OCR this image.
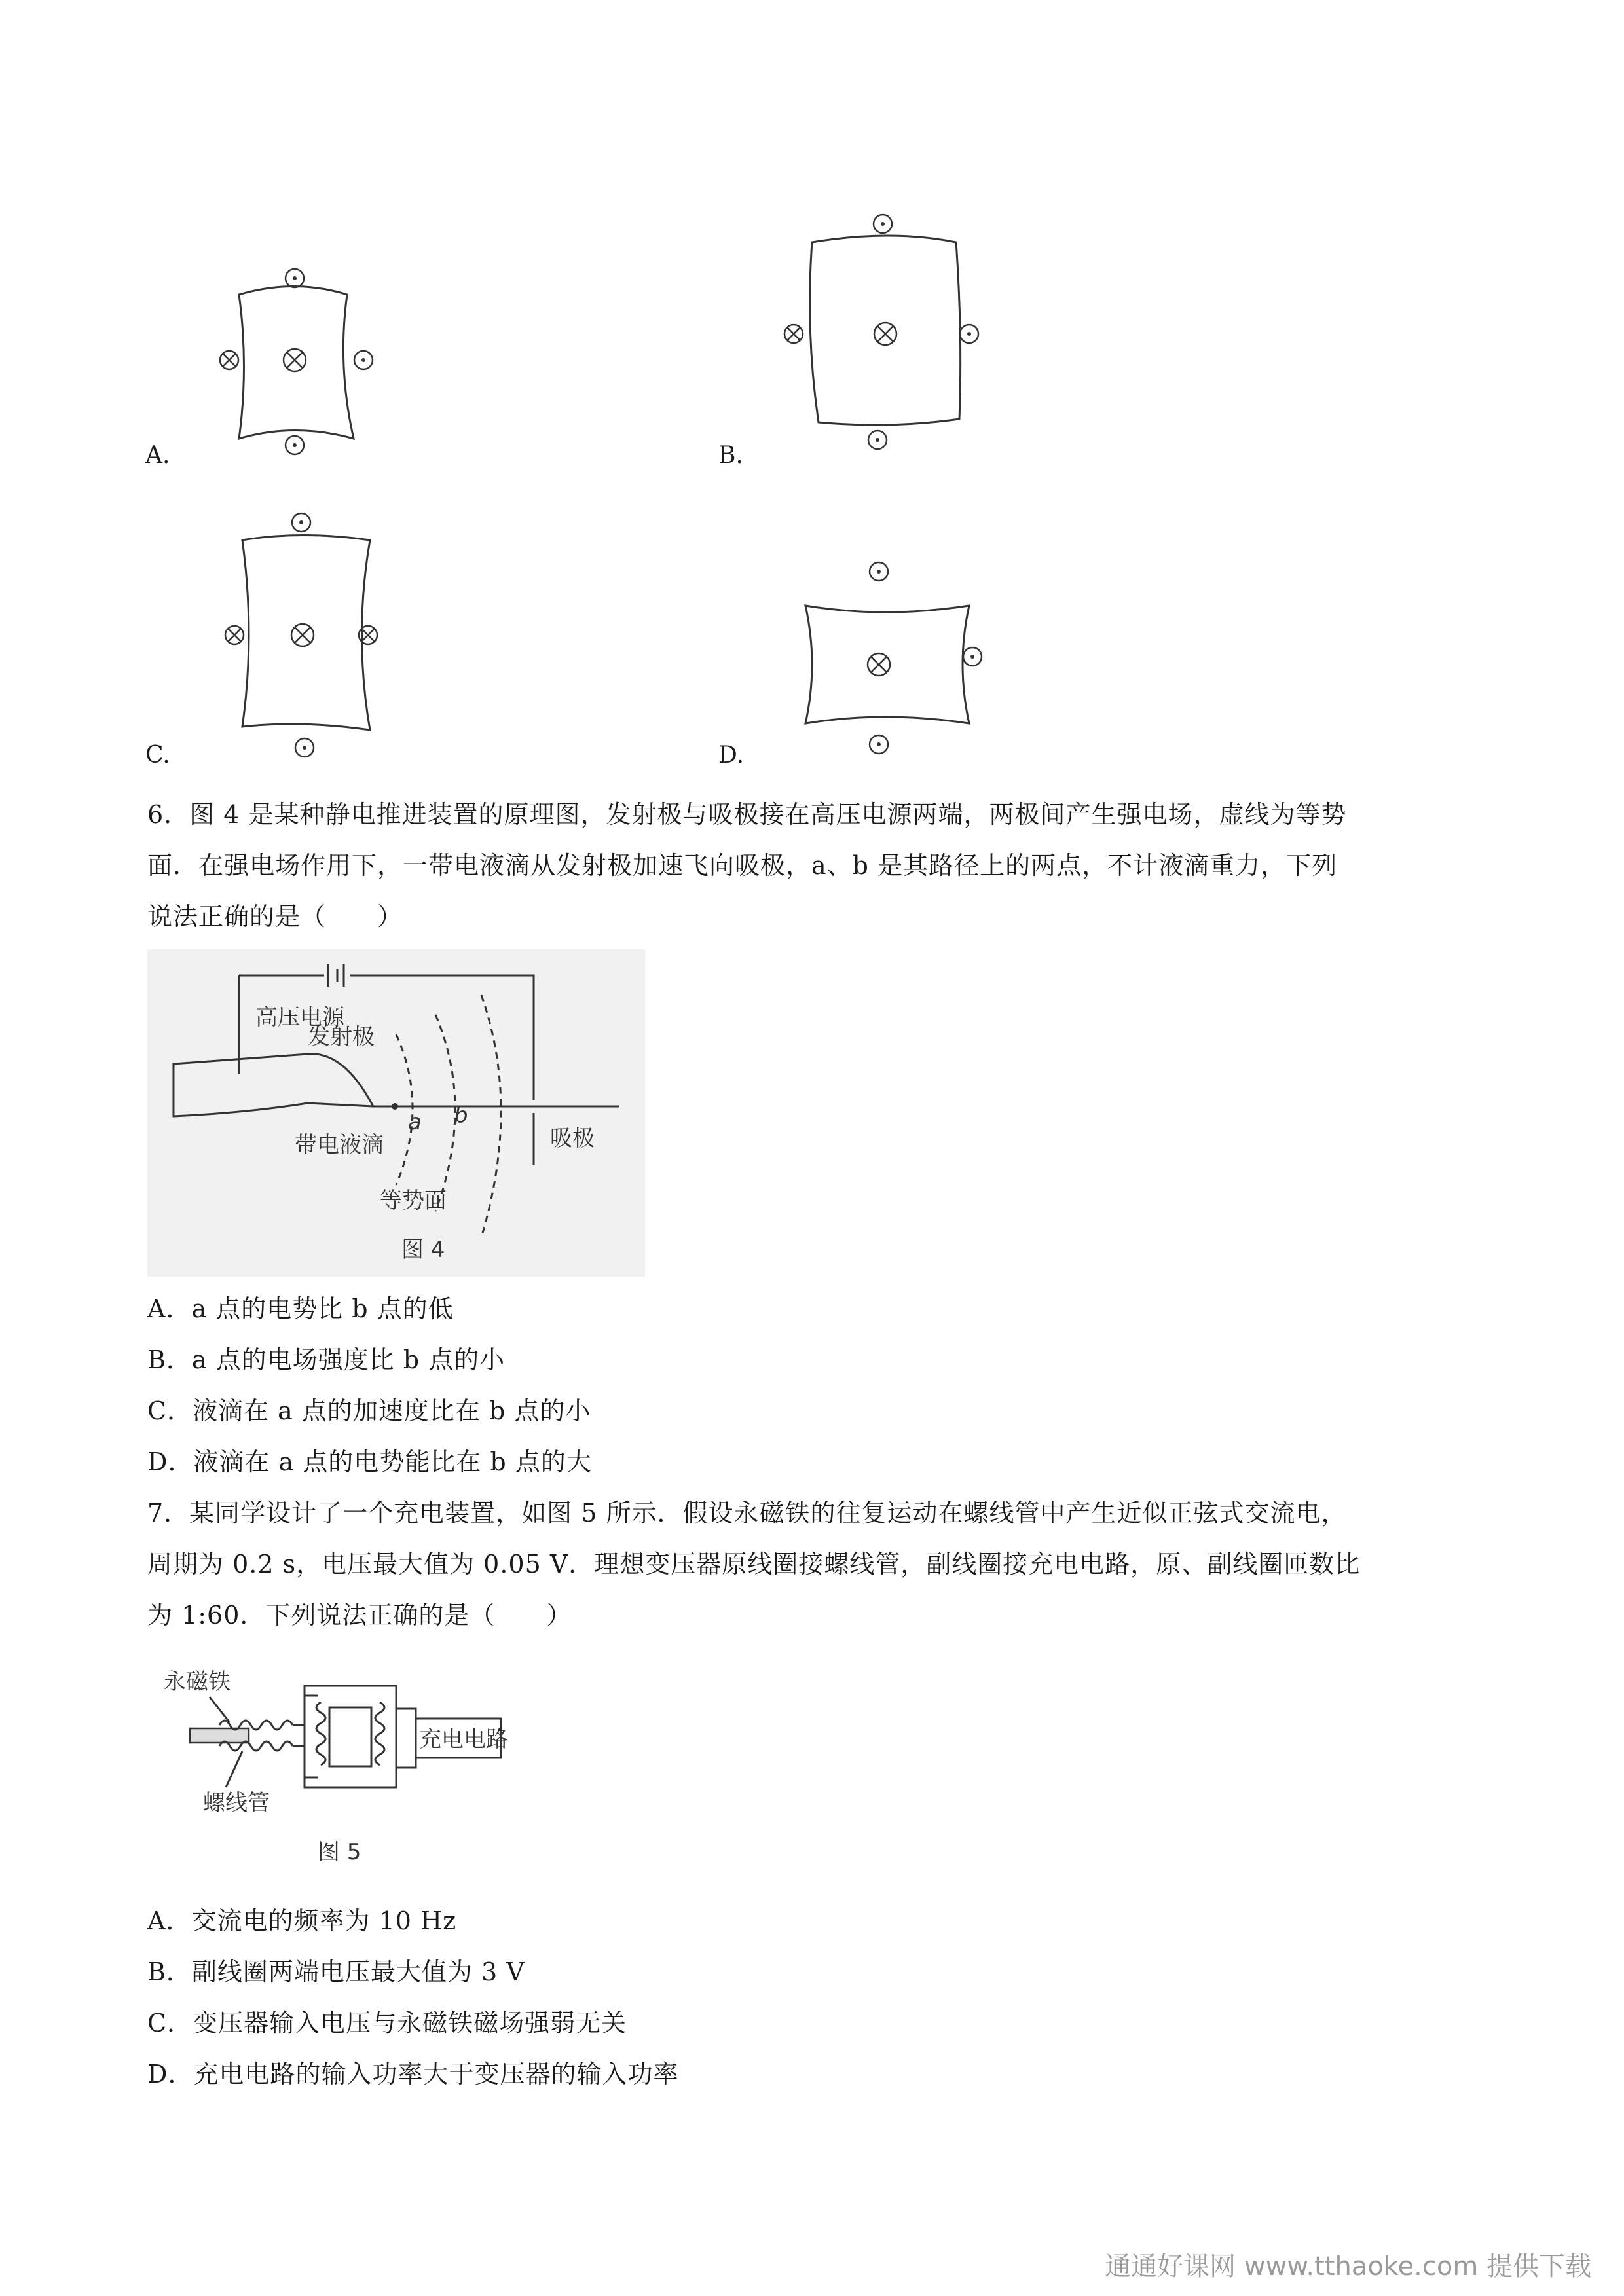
A.	B.
C.	D.
6．图 4 是某种静电推进装置的原理图，发射极与吸极接在高压电源两端，两极间产生强电场，虚线为等势
面．在强电场作用下，一带电液滴从发射极加速飞向吸极，a、b 是其路径上的两点，不计液滴重力，下列
说法正确的是（　　）
高压电源
发射极
a b
带电液滴
等势面
吸极
图 4
A．a 点的电势比 b 点的低
B．a 点的电场强度比 b 点的小
C．液滴在 a 点的加速度比在 b 点的小
D．液滴在 a 点的电势能比在 b 点的大
7．某同学设计了一个充电装置，如图 5 所示．假设永磁铁的往复运动在螺线管中产生近似正弦式交流电，
周期为 0.2 s，电压最大值为 0.05 V．理想变压器原线圈接螺线管，副线圈接充电电路，原、副线圈匝数比
为 1:60．下列说法正确的是（　　）
永磁铁
螺线管
充电电路
图 5
A．交流电的频率为 10 Hz
B．副线圈两端电压最大值为 3 V
C．变压器输入电压与永磁铁磁场强弱无关
D．充电电路的输入功率大于变压器的输入功率
通通好课网 www.tthaoke.com 提供下载
